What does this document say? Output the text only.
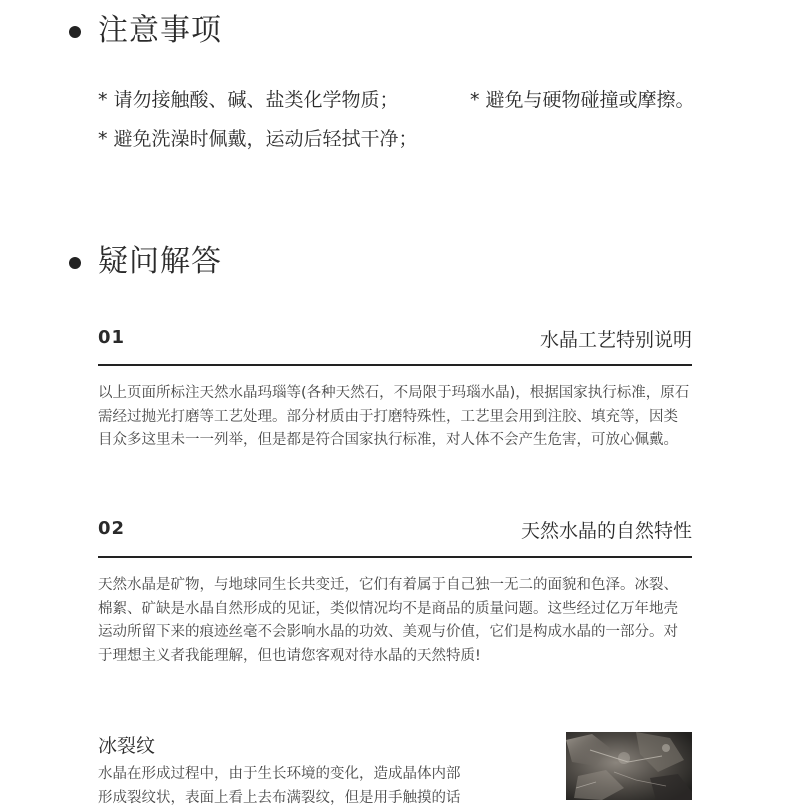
注意事项
* 请勿接触酸、碱、盐类化学物质；	* 避免与硬物碰撞或摩擦。
* 避免洗澡时佩戴，运动后轻拭干净；
疑问解答
01	水晶工艺特别说明
以上页面所标注天然水晶玛瑙等(各种天然石，不局限于玛瑙水晶)，根据国家执行标准，原石需经过抛光打磨等工艺处理。部分材质由于打磨特殊性，工艺里会用到注胶、填充等，因类目众多这里未一一列举，但是都是符合国家执行标准，对人体不会产生危害，可放心佩戴。
02	天然水晶的自然特性
天然水晶是矿物，与地球同生长共变迁，它们有着属于自己独一无二的面貌和色泽。冰裂、棉絮、矿缺是水晶自然形成的见证，类似情况均不是商品的质量问题。这些经过亿万年地壳运动所留下来的痕迹丝毫不会影响水晶的功效、美观与价值，它们是构成水晶的一部分。对于理想主义者我能理解，但也请您客观对待水晶的天然特质!
冰裂纹
水晶在形成过程中，由于生长环境的变化，造成晶体内部
形成裂纹状，表面上看上去布满裂纹，但是用手触摸的话
